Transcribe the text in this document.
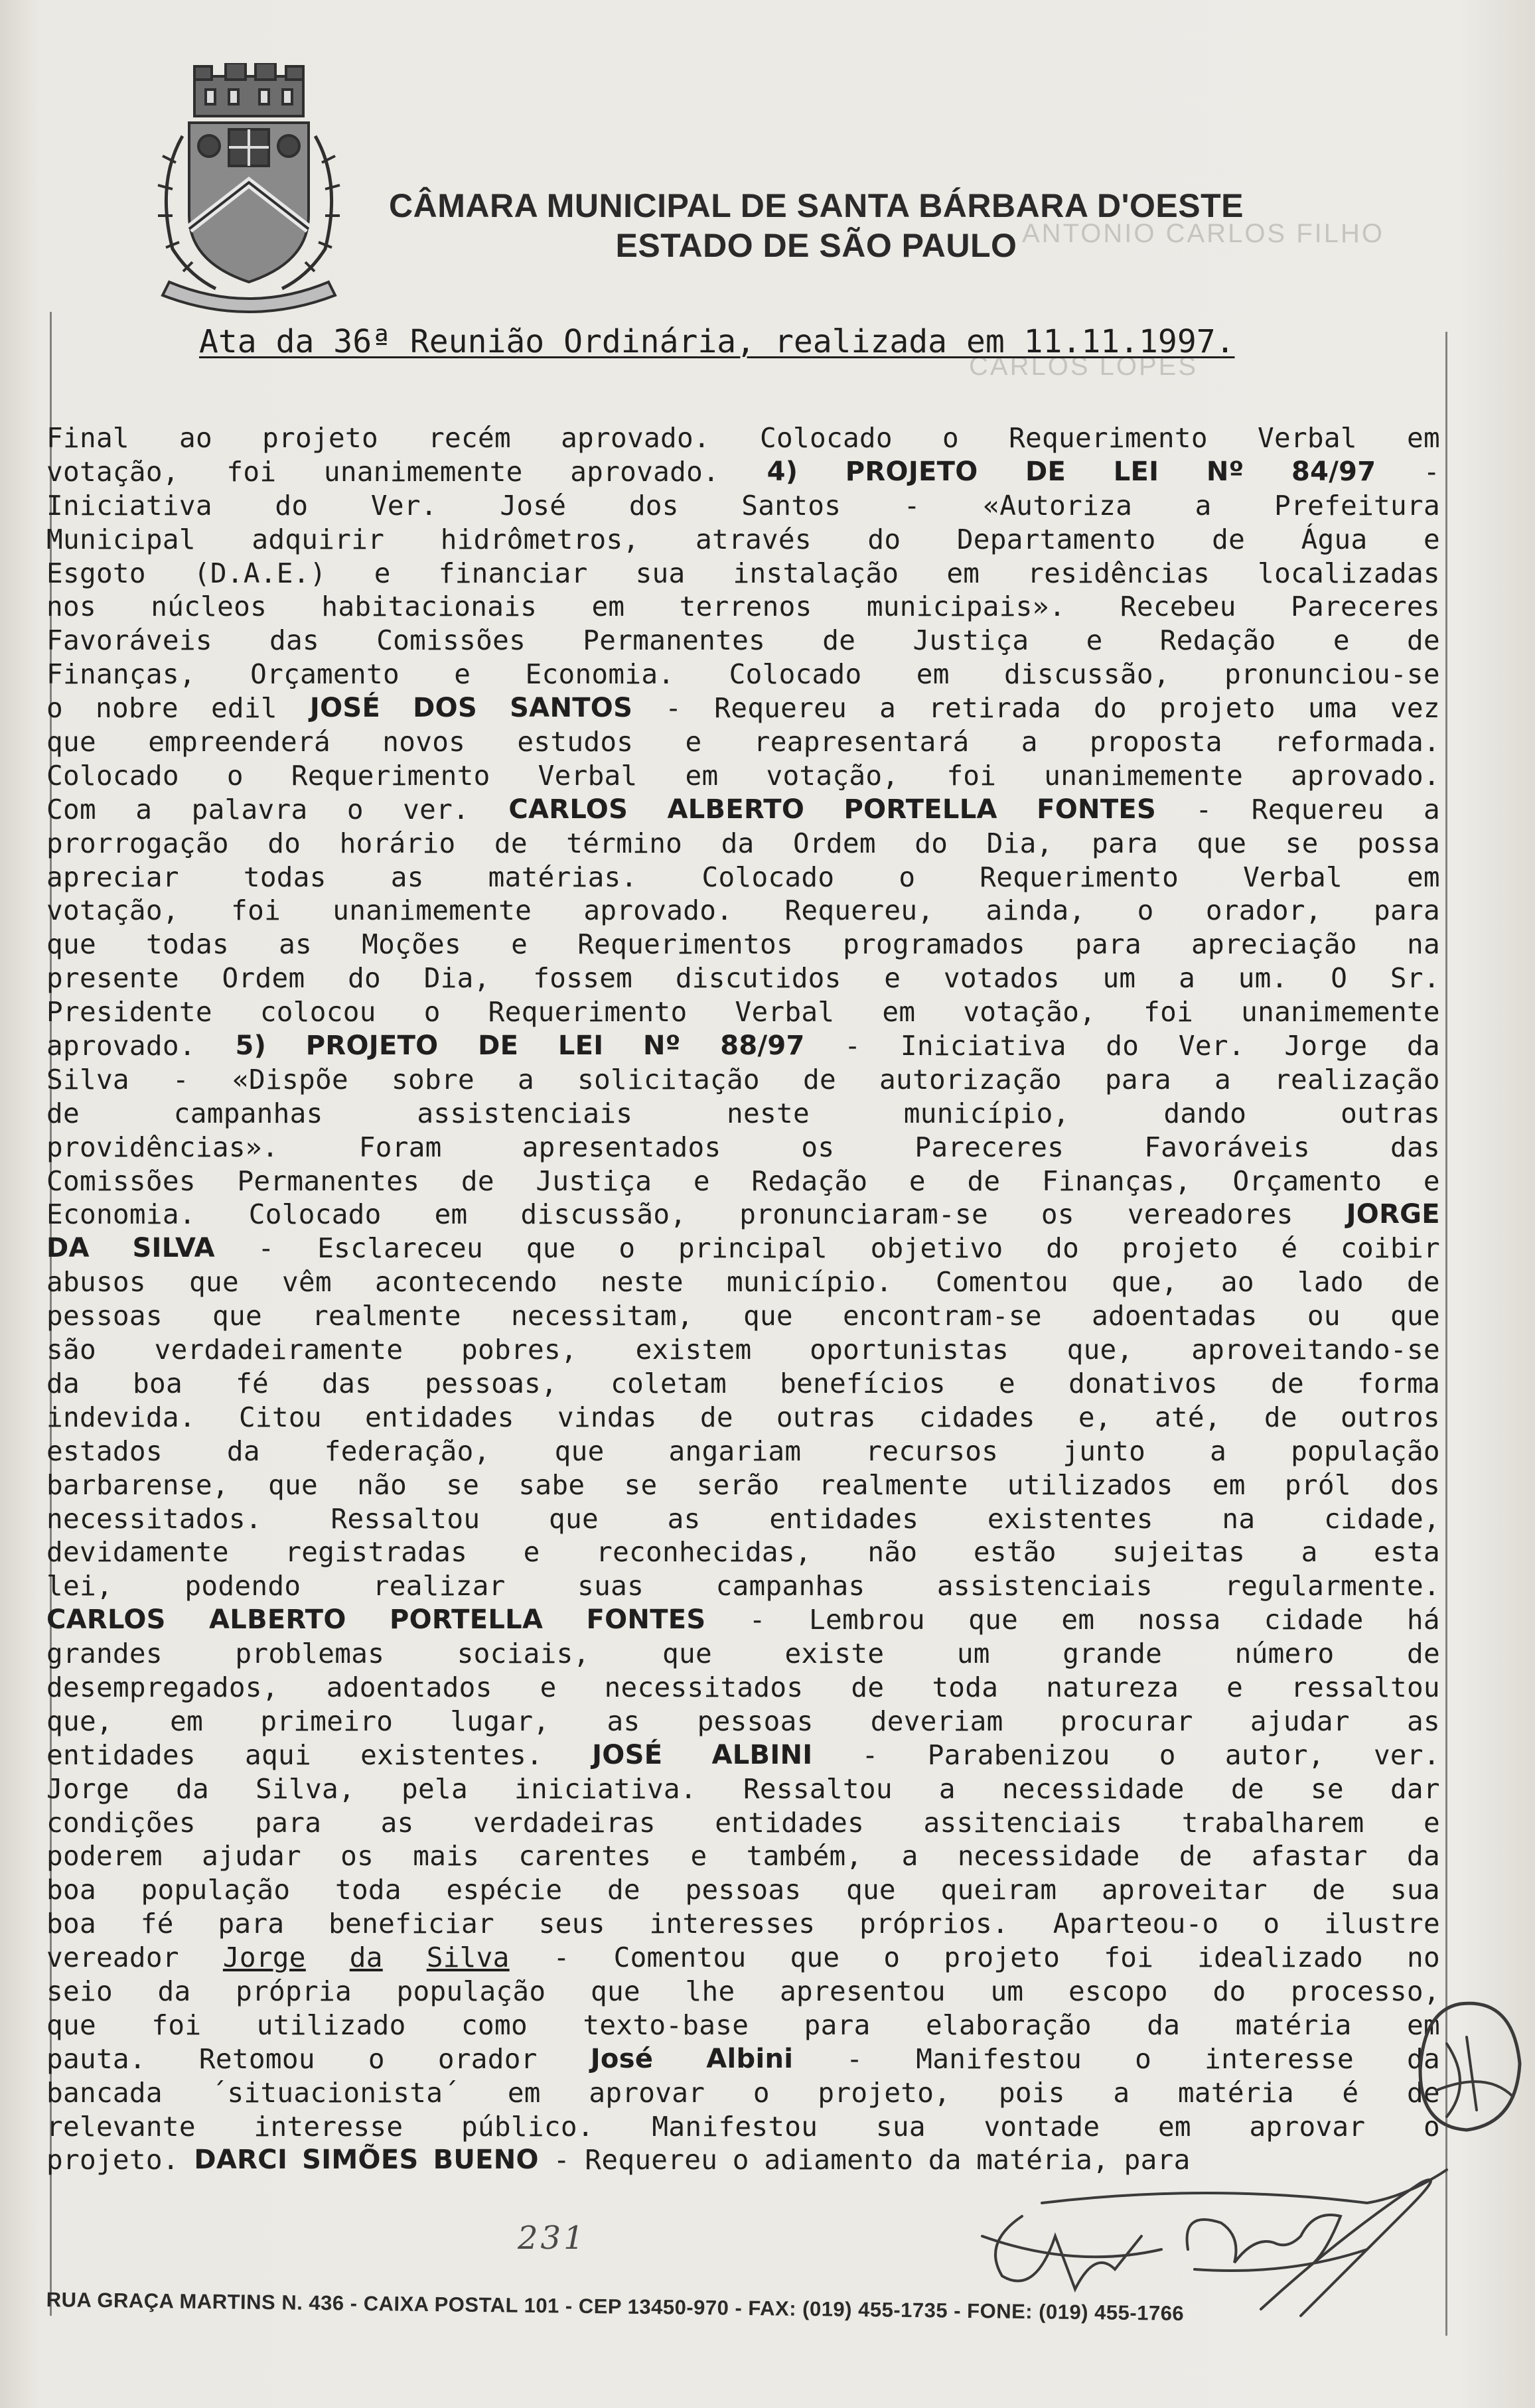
CÂMARA MUNICIPAL DE SANTA BÁRBARA D'OESTE
ESTADO DE SÃO PAULO ANTONIO CARLOS FILHO
CARLOS LOPES
Ata da 36ª Reunião Ordinária, realizada em 11.11.1997.
Final ao projeto recém aprovado. Colocado o Requerimento Verbal em
votação, foi unanimemente aprovado. 4) PROJETO DE LEI Nº 84/97 -
Iniciativa do Ver. José dos Santos - «Autoriza a Prefeitura
Municipal adquirir hidrômetros, através do Departamento de Água e
Esgoto (D.A.E.) e financiar sua instalação em residências localizadas
nos núcleos habitacionais em terrenos municipais». Recebeu Pareceres
Favoráveis das Comissões Permanentes de Justiça e Redação e de
Finanças, Orçamento e Economia. Colocado em discussão, pronunciou-se
o nobre edil JOSÉ DOS SANTOS - Requereu a retirada do projeto uma vez
que empreenderá novos estudos e reapresentará a proposta reformada.
Colocado o Requerimento Verbal em votação, foi unanimemente aprovado.
Com a palavra o ver. CARLOS ALBERTO PORTELLA FONTES - Requereu a
prorrogação do horário de término da Ordem do Dia, para que se possa
apreciar todas as matérias. Colocado o Requerimento Verbal em
votação, foi unanimemente aprovado. Requereu, ainda, o orador, para
que todas as Moções e Requerimentos programados para apreciação na
presente Ordem do Dia, fossem discutidos e votados um a um. O Sr.
Presidente colocou o Requerimento Verbal em votação, foi unanimemente
aprovado. 5) PROJETO DE LEI Nº 88/97 - Iniciativa do Ver. Jorge da
Silva - «Dispõe sobre a solicitação de autorização para a realização
de	campanhas	assistenciais	neste	município,	dando	outras
providências».	Foram	apresentados	os	Pareceres	Favoráveis	das
Comissões Permanentes de Justiça e Redação e de Finanças, Orçamento e
Economia. Colocado em discussão, pronunciaram-se os vereadores JORGE
DA SILVA - Esclareceu que o principal objetivo do projeto é coibir
abusos que vêm acontecendo neste município. Comentou que, ao lado de
pessoas que realmente necessitam, que encontram-se adoentadas ou que
são verdadeiramente pobres, existem oportunistas que, aproveitando-se
da boa fé das pessoas, coletam benefícios e donativos de forma
indevida. Citou entidades vindas de outras cidades e, até, de outros
estados da federação, que angariam recursos junto a população
barbarense, que não se sabe se serão realmente utilizados em pról dos
necessitados.	Ressaltou	que	as	entidades	existentes	na	cidade,
devidamente registradas e reconhecidas, não estão sujeitas a esta
lei,	podendo	realizar	suas	campanhas	assistenciais	regularmente.
CARLOS ALBERTO PORTELLA FONTES - Lembrou que em nossa cidade há
grandes	problemas	sociais,	que	existe	um	grande	número	de
desempregados, adoentados e necessitados de toda natureza e ressaltou
que, em primeiro lugar, as pessoas deveriam procurar ajudar as
entidades aqui existentes. JOSÉ ALBINI - Parabenizou o autor, ver.
Jorge da Silva, pela iniciativa. Ressaltou a necessidade de se dar
condições para as verdadeiras entidades assitenciais trabalharem e
poderem ajudar os mais carentes e também, a necessidade de afastar da
boa população toda espécie de pessoas que queiram aproveitar de sua
boa fé para beneficiar seus interesses próprios. Aparteou-o o ilustre
vereador Jorge da Silva - Comentou que o projeto foi idealizado no
seio da própria população que lhe apresentou um escopo do processo,
que foi utilizado como texto-base para elaboração da matéria em
pauta. Retomou o orador José Albini - Manifestou o interesse da
bancada ´situacionista´ em aprovar o projeto, pois a matéria é de
relevante interesse público. Manifestou sua vontade em aprovar o
projeto. DARCI SIMÕES BUENO - Requereu o adiamento da matéria, para
231
RUA GRAÇA MARTINS N. 436 - CAIXA POSTAL 101 - CEP 13450-970 - FAX: (019) 455-1735 - FONE: (019) 455-1766
